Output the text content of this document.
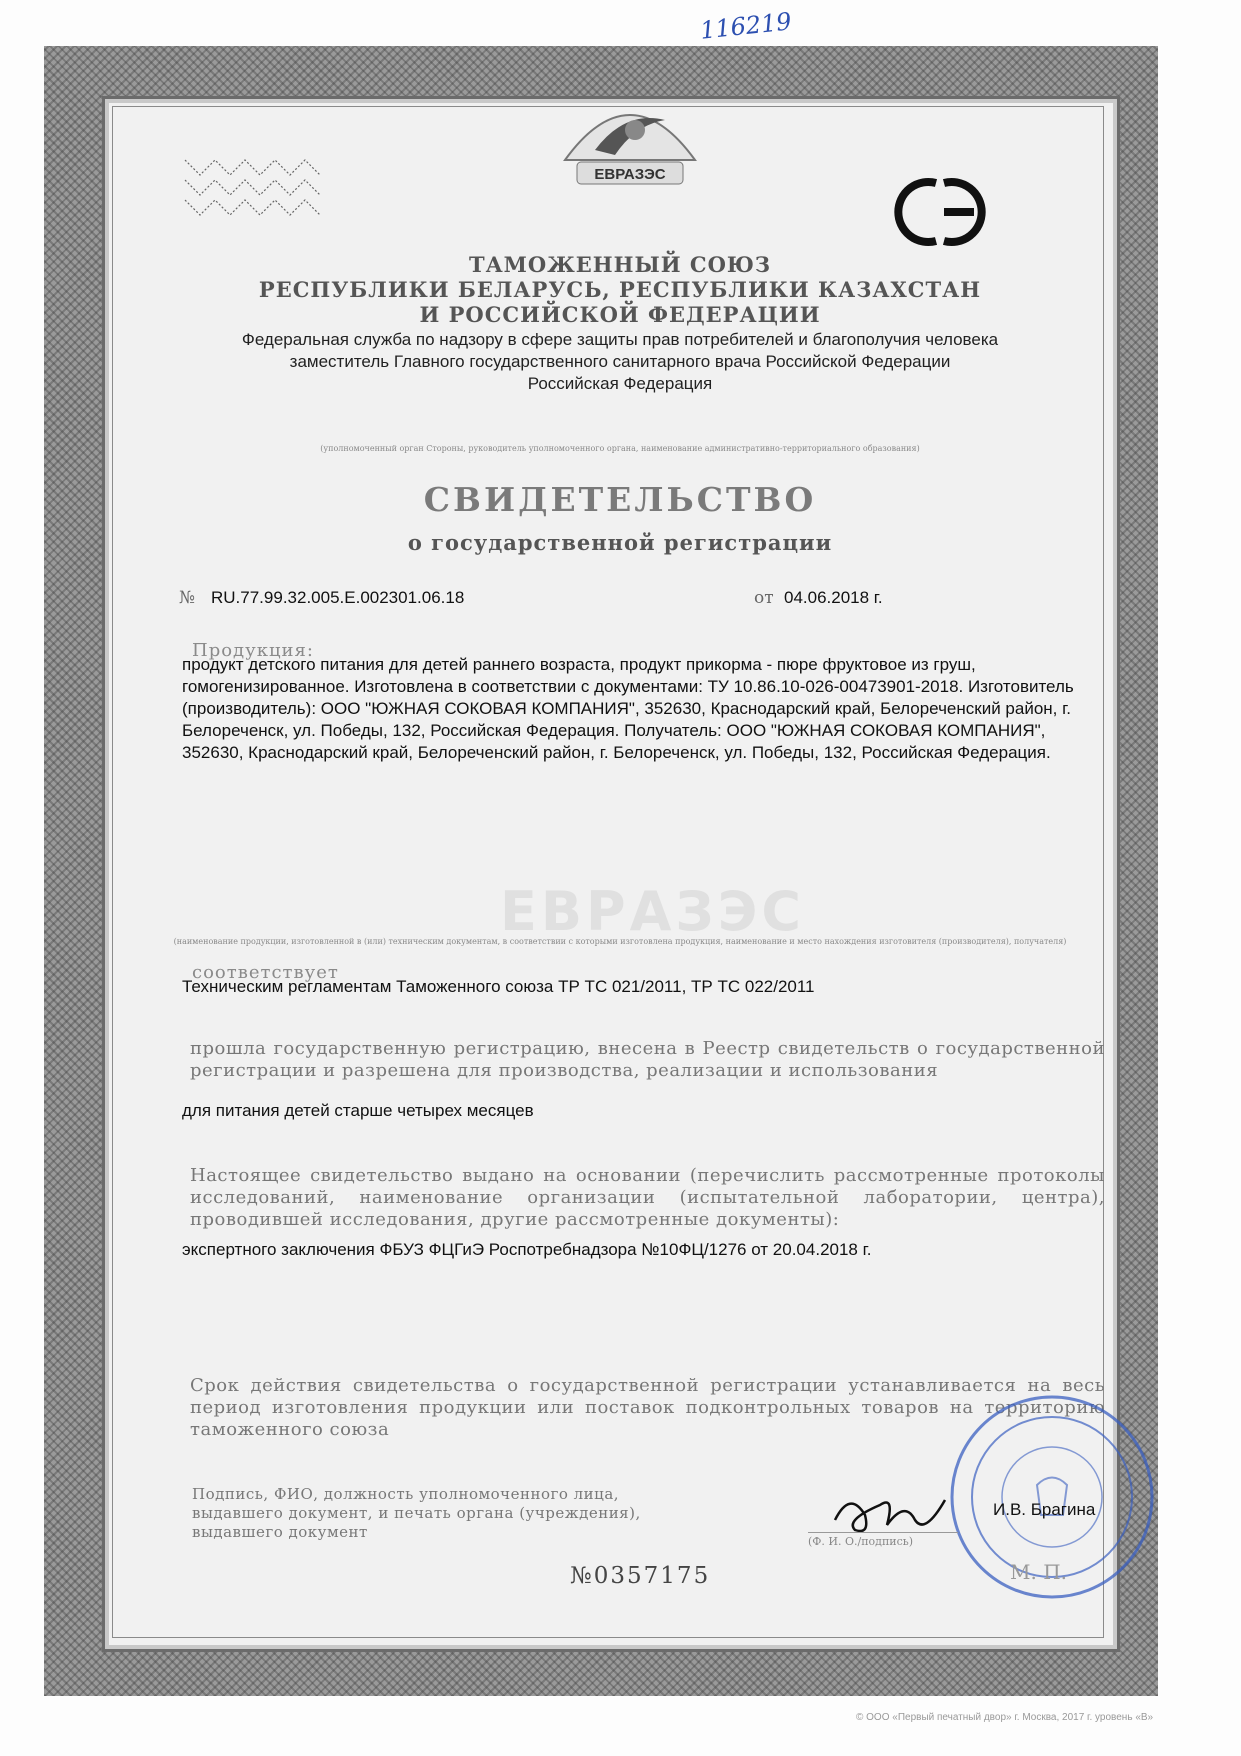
116219
ЕВРАЗЭС
ТАМОЖЕННЫЙ СОЮЗ
РЕСПУБЛИКИ БЕЛАРУСЬ, РЕСПУБЛИКИ КАЗАХСТАН
И РОССИЙСКОЙ ФЕДЕРАЦИИ
Федеральная служба по надзору в сфере защиты прав потребителей и благополучия человека
заместитель Главного государственного санитарного врача Российской Федерации
Российская Федерация
(уполномоченный орган Стороны, руководитель уполномоченного органа, наименование административно-территориального образования)
СВИДЕТЕЛЬСТВО
о государственной регистрации
№ RU.77.99.32.005.E.002301.06.18	от 04.06.2018 г.
Продукция:
продукт детского питания для детей раннего возраста, продукт прикорма - пюре фруктовое из груш, гомогенизированное. Изготовлена в соответствии с документами: ТУ 10.86.10-026-00473901-2018. Изготовитель (производитель): ООО "ЮЖНАЯ СОКОВАЯ КОМПАНИЯ", 352630, Краснодарский край, Белореченский район, г. Белореченск, ул. Победы, 132, Российская Федерация. Получатель: ООО "ЮЖНАЯ СОКОВАЯ КОМПАНИЯ", 352630, Краснодарский край, Белореченский район, г. Белореченск, ул. Победы, 132, Российская Федерация.
ЕВРАЗЭС
(наименование продукции, изготовленной в (или) техническим документам, в соответствии с которыми изготовлена продукция, наименование и место нахождения изготовителя (производителя), получателя)
соответствует
Техническим регламентам Таможенного союза ТР ТС 021/2011, ТР ТС 022/2011
прошла государственную регистрацию, внесена в Реестр свидетельств о государственной регистрации и разрешена для производства, реализации и использования
для питания детей старше четырех месяцев
Настоящее свидетельство выдано на основании (перечислить рассмотренные протоколы исследований, наименование организации (испытательной лаборатории, центра), проводившей исследования, другие рассмотренные документы):
экспертного заключения ФБУЗ ФЦГиЭ Роспотребнадзора №10ФЦ/1276 от 20.04.2018 г.
Срок действия свидетельства о государственной регистрации устанавливается на весь период изготовления продукции или поставок подконтрольных товаров на территорию таможенного союза
Подпись, ФИО, должность уполномоченного лица, выдавшего документ, и печать органа (учреждения), выдавшего документ
И.В. Брагина
(Ф. И. О./подпись)
М. П.
№0357175
© ООО «Первый печатный двор» г. Москва, 2017 г. уровень «В»
